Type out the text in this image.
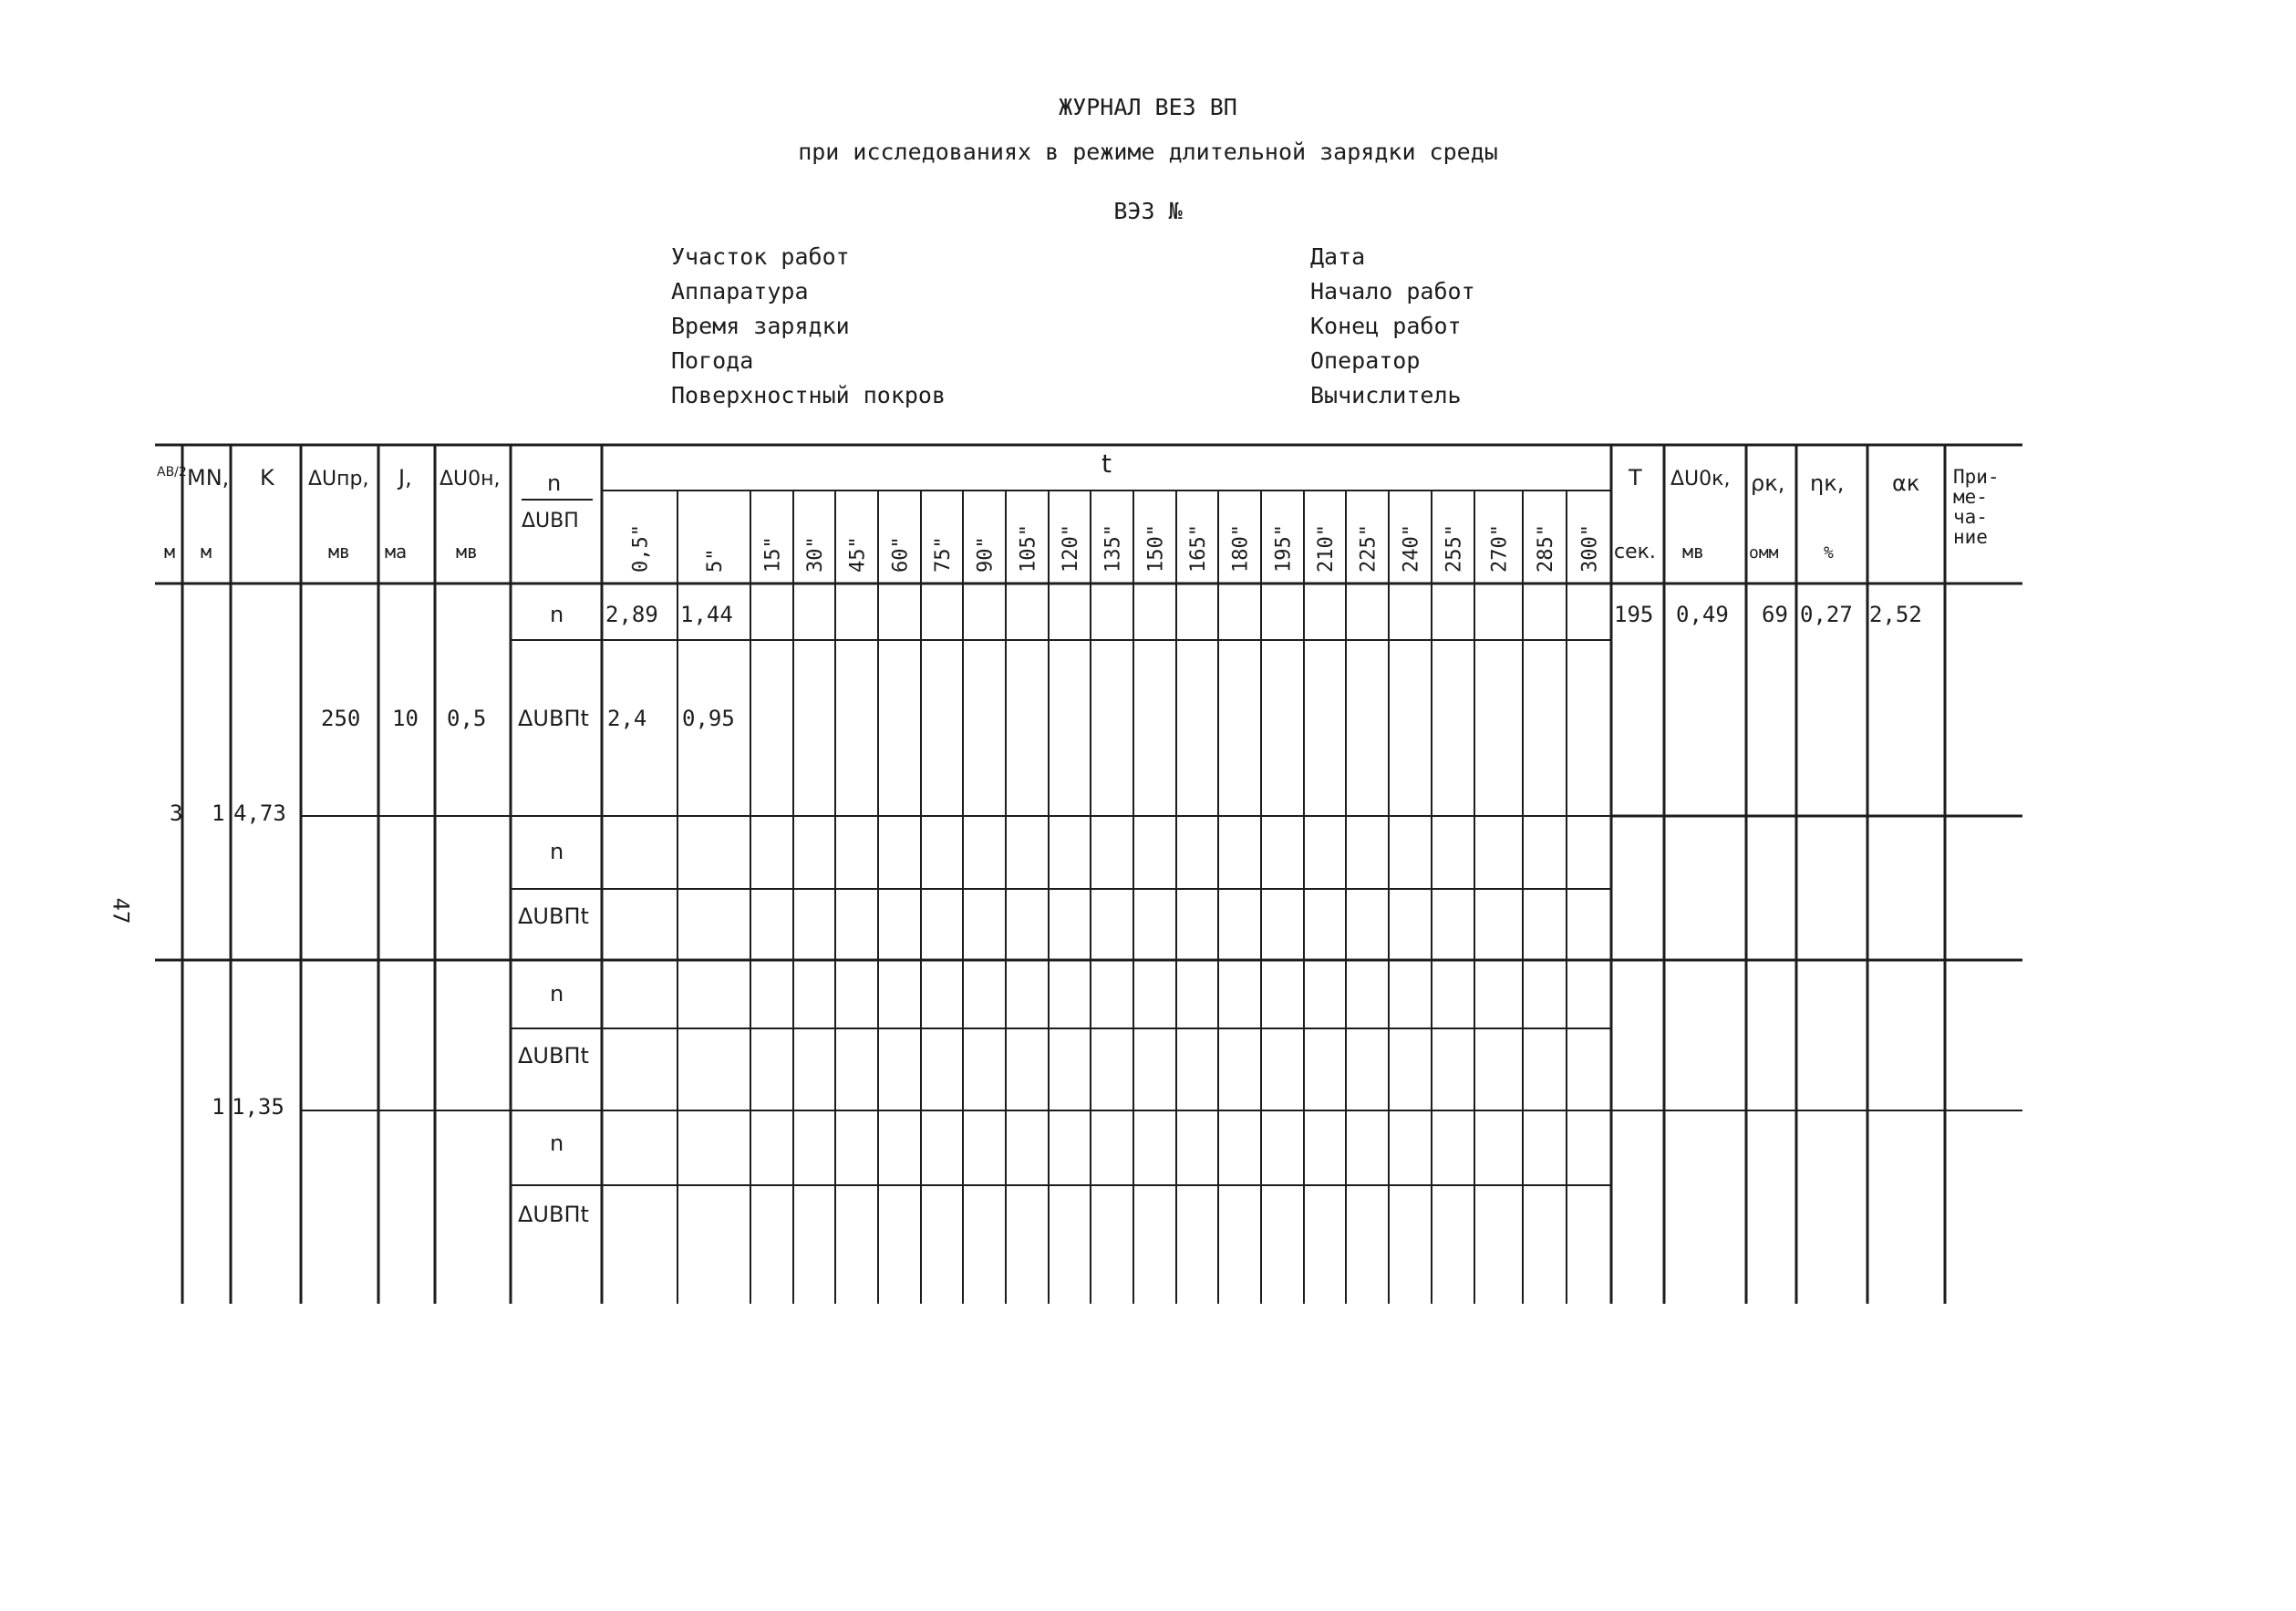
ЖУРНАЛ ВЕЗ ВП
при исследованиях в режиме длительной зарядки среды
ВЭЗ №
Участок работ
Аппаратура
Время зарядки
Погода
Поверхностный покров
Дата
Начало работ
Конец работ
Оператор
Вычислитель
47
AB/2
м
MN,
м
K ΔUпр,
мв
J,
ма
ΔU0н,
мв
n
ΔUВП
t	T
сек.
ΔU0к,
мв
ρк,
омм
ηк,
%
αк При- ме- ча- ние
0,5"	5" 15" 30" 45" 60" 75" 90" 105" 120" 135" 150" 165" 180" 195" 210" 225" 240" 255" 270" 285" 300"
n
ΔUВПt
n
ΔUВПt
n
ΔUВПt
n
ΔUВПt
3 1 4,73
250 10 0,5
2,89 1,44
2,4 0,95
195 0,49 69 0,27 2,52
1 1,35
